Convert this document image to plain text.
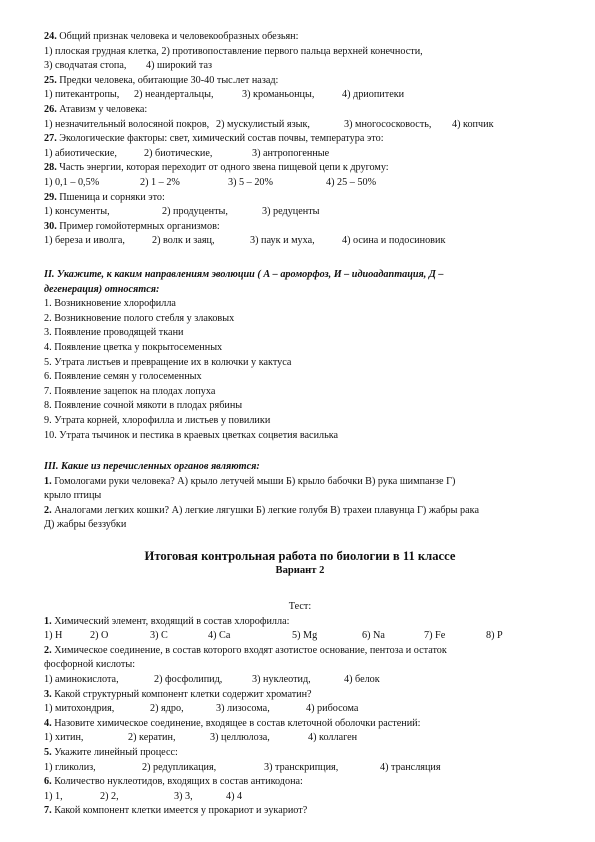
24. Общий признак человека и человекообразных обезьян:
1) плоская грудная клетка, 2) противопоставление первого пальца верхней конечности,
3) сводчатая стопа, 4) широкий таз
25. Предки человека, обитающие 30-40 тыс.лет назад:
1) питекантропы, 2) неандертальцы,	3) кроманьонцы,	4) дриопитеки
26. Атавизм у человека:
1) незначительный волосяной покров, 2) мускулистый язык,	3) многососковость, 4) копчик
27. Экологические факторы: свет, химический состав почвы, температура это:
1) абиотические,	2) биотические,	3) антропогенные
28. Часть энергии, которая переходит от одного звена пищевой цепи к другому:
1) 0,1 – 0,5%	2) 1 – 2%	3) 5 – 20%	4) 25 – 50%
29. Пшеница и сорняки это:
1) консументы,	2) продуценты,	3) редуценты
30. Пример гомойотермных организмов:
1) береза и иволга,	2) волк и заяц,	3) паук и муха,	4) осина и подосиновик
II. Укажите, к каким направлениям эволюции ( А – ароморфоз, И – идиоадаптация, Д –
дегенерация) относятся:
1. Возникновение хлорофилла
2. Возникновение полого стебля у злаковых
3. Появление проводящей ткани
4. Появление цветка у покрытосеменных
5. Утрата листьев и превращение их в колючки у кактуса
6. Появление семян у голосеменных
7. Появление зацепок на плодах лопуха
8. Появление сочной мякоти в плодах рябины
9. Утрата корней, хлорофилла и листьев у повилики
10. Утрата тычинок и пестика в краевых цветках соцветия василька
III. Какие из перечисленных органов являются:
1. Гомологами руки человека? А) крыло летучей мыши Б) крыло бабочки В) рука шимпанзе Г)
крыло птицы
2. Аналогами легких кошки? А) легкие лягушки Б) легкие голубя В) трахеи плавунца Г) жабры рака
Д) жабры беззубки
Итоговая контрольная работа по биологии в 11 классе
Вариант 2
Тест:
1. Химический элемент, входящий в состав хлорофилла:
1) Н	2) О	3) С	4) Са	5) Мg	6) Na	7) Fe	8) Р
2. Химическое соединение, в состав которого входят азотистое основание, пентоза и остаток
фосфорной кислоты:
1) аминокислота,	2) фосфолипид,	3) нуклеотид,	4) белок
3. Какой структурный компонент клетки содержит хроматин?
1) митохондрия,	2) ядро,	3) лизосома,	4) рибосома
4. Назовите химическое соединение, входящее в состав клеточной оболочки растений:
1) хитин,	2) кератин,	3) целлюлоза,	4) коллаген
5. Укажите линейный процесс:
1) гликолиз,	2) редупликация,	3) транскрипция,	4) трансляция
6. Количество нуклеотидов, входящих в состав антикодона:
1) 1,	2) 2,	3) 3,	4) 4
7. Какой компонент клетки имеется у прокариот и эукариот?
